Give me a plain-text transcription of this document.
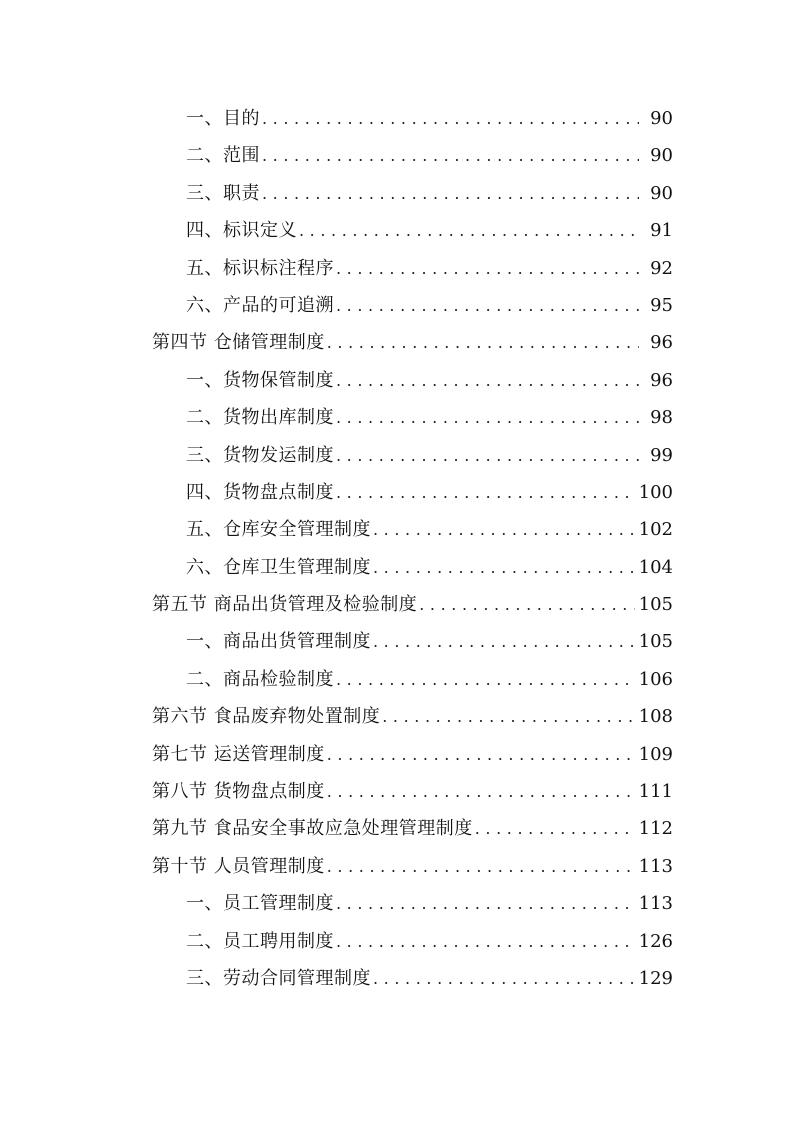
一、目的 .....	90
二、范围 .....	90
三、职责 .....	90
四、标识定义 .....	91
五、标识标注程序 .....	92
六、产品的可追溯 .....	95
第四节 仓储管理制度 .....	96
一、货物保管制度 .....	96
二、货物出库制度 .....	98
三、货物发运制度 .....	99
四、货物盘点制度 .....	100
五、仓库安全管理制度 .....	102
六、仓库卫生管理制度 .....	104
第五节 商品出货管理及检验制度 .....	105
一、商品出货管理制度 .....	105
二、商品检验制度 .....	106
第六节 食品废弃物处置制度 .....	108
第七节 运送管理制度 .....	109
第八节 货物盘点制度 .....	111
第九节 食品安全事故应急处理管理制度 .....	112
第十节 人员管理制度 .....	113
一、员工管理制度 .....	113
二、员工聘用制度 .....	126
三、劳动合同管理制度 .....	129
